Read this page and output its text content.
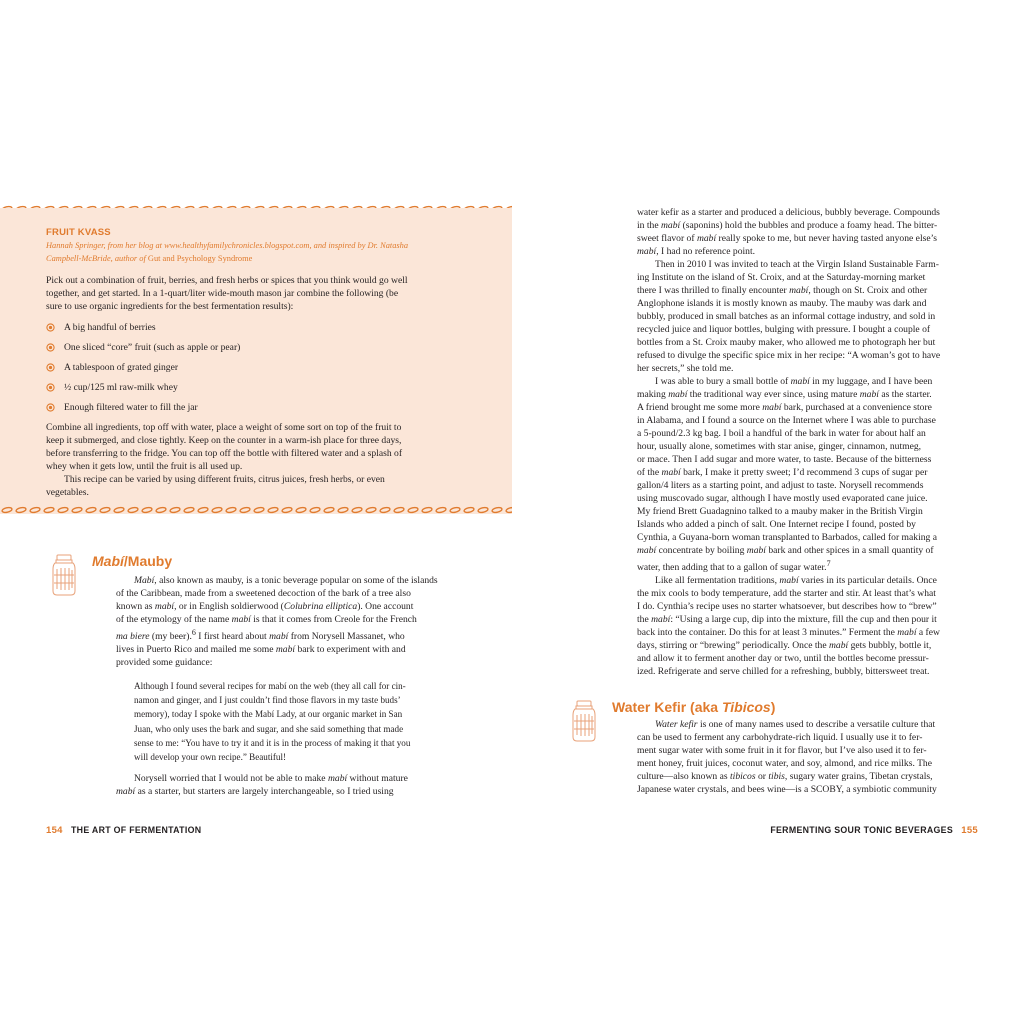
FRUIT KVASS
Hannah Springer, from her blog at www.healthyfamilychronicles.blogspot.com, and inspired by Dr. Natasha
Campbell-McBride, author of Gut and Psychology Syndrome

Pick out a combination of fruit, berries, and fresh herbs or spices that you think would go well
together, and get started. In a 1-quart/liter wide-mouth mason jar combine the following (be
sure to use organic ingredients for the best fermentation results):

A big handful of berries
One sliced “core” fruit (such as apple or pear)
A tablespoon of grated ginger
½ cup/125 ml raw-milk whey
Enough filtered water to fill the jar

Combine all ingredients, top off with water, place a weight of some sort on top of the fruit to
keep it submerged, and close tightly. Keep on the counter in a warm-ish place for three days,
before transferring to the fridge. You can top off the bottle with filtered water and a splash of
whey when it gets low, until the fruit is all used up.

This recipe can be varied by using different fruits, citrus juices, fresh herbs, or even
vegetables.

Mabí/Mauby
Mabí, also known as mauby, is a tonic beverage popular on some of the islands
of the Caribbean, made from a sweetened decoction of the bark of a tree also
known as mabí, or in English soldierwood (Colubrina elliptica). One account
of the etymology of the name mabí is that it comes from Creole for the French
ma biere (my beer).$^6$ I first heard about mabí from Norysell Massanet, who
lives in Puerto Rico and mailed me some mabí bark to experiment with and
provided some guidance:
Although I found several recipes for mabí on the web (they all call for cin-
namon and ginger, and I just couldn’t find those flavors in my taste buds’
memory), today I spoke with the Mabí Lady, at our organic market in San
Juan, who only uses the bark and sugar, and she said something that made
sense to me: “You have to try it and it is in the process of making it that you
will develop your own recipe.” Beautiful!
Norysell worried that I would not be able to make mabí without mature
mabí as a starter, but starters are largely interchangeable, so I tried using
154 THE ART OF FERMENTATION
water kefir as a starter and produced a delicious, bubbly beverage. Compounds
in the mabí (saponins) hold the bubbles and produce a foamy head. The bitter-
sweet flavor of mabí really spoke to me, but never having tasted anyone else’s
mabí, I had no reference point.
Then in 2010 I was invited to teach at the Virgin Island Sustainable Farm-
ing Institute on the island of St. Croix, and at the Saturday-morning market
there I was thrilled to finally encounter mabí, though on St. Croix and other
Anglophone islands it is mostly known as mauby. The mauby was dark and
bubbly, produced in small batches as an informal cottage industry, and sold in
recycled juice and liquor bottles, bulging with pressure. I bought a couple of
bottles from a St. Croix mauby maker, who allowed me to photograph her but
refused to divulge the specific spice mix in her recipe: “A woman’s got to have
her secrets,” she told me.
I was able to bury a small bottle of mabí in my luggage, and I have been
making mabí the traditional way ever since, using mature mabí as the starter.
A friend brought me some more mabí bark, purchased at a convenience store
in Alabama, and I found a source on the Internet where I was able to purchase
a 5-pound/2.3 kg bag. I boil a handful of the bark in water for about half an
hour, usually alone, sometimes with star anise, ginger, cinnamon, nutmeg,
or mace. Then I add sugar and more water, to taste. Because of the bitterness
of the mabí bark, I make it pretty sweet; I’d recommend 3 cups of sugar per
gallon/4 liters as a starting point, and adjust to taste. Norysell recommends
using muscovado sugar, although I have mostly used evaporated cane juice.
My friend Brett Guadagnino talked to a mauby maker in the British Virgin
Islands who added a pinch of salt. One Internet recipe I found, posted by
Cynthia, a Guyana-born woman transplanted to Barbados, called for making a
mabí concentrate by boiling mabí bark and other spices in a small quantity of
water, then adding that to a gallon of sugar water.$^7$
Like all fermentation traditions, mabí varies in its particular details. Once
the mix cools to body temperature, add the starter and stir. At least that’s what
I do. Cynthia’s recipe uses no starter whatsoever, but describes how to “brew”
the mabí: “Using a large cup, dip into the mixture, fill the cup and then pour it
back into the container. Do this for at least 3 minutes.” Ferment the mabí a few
days, stirring or “brewing” periodically. Once the mabí gets bubbly, bottle it,
and allow it to ferment another day or two, until the bottles become pressur-
ized. Refrigerate and serve chilled for a refreshing, bubbly, bittersweet treat.
Water Kefir (aka Tibicos)
Water kefir is one of many names used to describe a versatile culture that
can be used to ferment any carbohydrate-rich liquid. I usually use it to fer-
ment sugar water with some fruit in it for flavor, but I’ve also used it to fer-
ment honey, fruit juices, coconut water, and soy, almond, and rice milks. The
culture—also known as tibicos or tibis, sugary water grains, Tibetan crystals,
Japanese water crystals, and bees wine—is a SCOBY, a symbiotic community
FERMENTING SOUR TONIC BEVERAGES 155
